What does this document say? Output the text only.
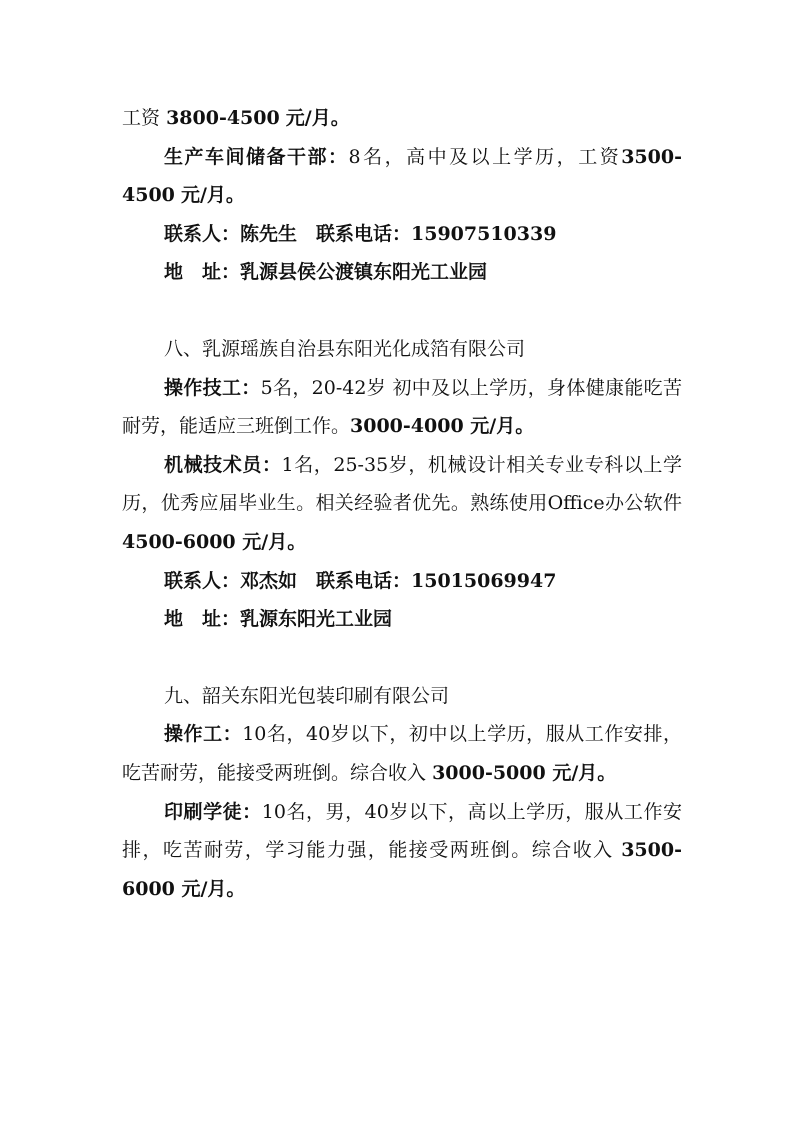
工资 3800-4500 元/月。

生产车间储备干部：8名，高中及以上学历，工资3500-4500 元/月。

联系人：陈先生　联系电话：15907510339

地　址：乳源县侯公渡镇东阳光工业园

八、乳源瑶族自治县东阳光化成箔有限公司

操作技工：5名，20-42岁 初中及以上学历，身体健康能吃苦耐劳，能适应三班倒工作。3000-4000 元/月。

机械技术员：1名，25-35岁，机械设计相关专业专科以上学历，优秀应届毕业生。相关经验者优先。熟练使用Office办公软件 4500-6000 元/月。

联系人：邓杰如　联系电话：15015069947

地　址：乳源东阳光工业园

九、韶关东阳光包装印刷有限公司

操作工：10名，40岁以下，初中以上学历，服从工作安排，吃苦耐劳，能接受两班倒。综合收入 3000-5000 元/月。

印刷学徒：10名，男，40岁以下，高以上学历，服从工作安排，吃苦耐劳，学习能力强，能接受两班倒。综合收入 3500-6000 元/月。
